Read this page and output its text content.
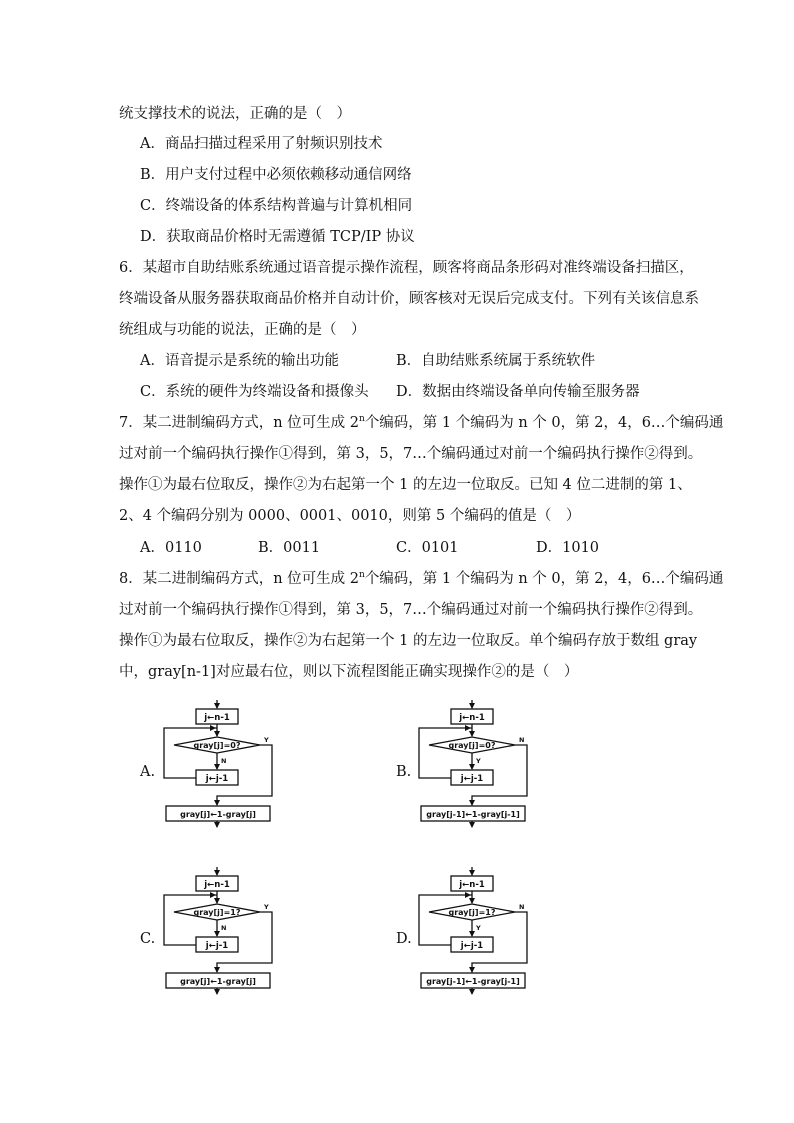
统支撑技术的说法，正确的是（　）
A．商品扫描过程采用了射频识别技术
B．用户支付过程中必须依赖移动通信网络
C．终端设备的体系结构普遍与计算机相同
D．获取商品价格时无需遵循 TCP/IP 协议
6．某超市自助结账系统通过语音提示操作流程，顾客将商品条形码对准终端设备扫描区，
终端设备从服务器获取商品价格并自动计价，顾客核对无误后完成支付。下列有关该信息系
统组成与功能的说法，正确的是（　）
A．语音提示是系统的输出功能	B．自助结账系统属于系统软件
C．系统的硬件为终端设备和摄像头 D．数据由终端设备单向传输至服务器
7．某二进制编码方式，n 位可生成 2$^n$个编码，第 1 个编码为 n 个 0，第 2，4，6…个编码通
过对前一个编码执行操作①得到，第 3，5，7…个编码通过对前一个编码执行操作②得到。
操作①为最右位取反，操作②为右起第一个 1 的左边一位取反。已知 4 位二进制的第 1、
2、4 个编码分别为 0000、0001、0010，则第 5 个编码的值是（　）
A．0110	B．0011	C．0101	D．1010
8．某二进制编码方式，n 位可生成 2$^n$个编码，第 1 个编码为 n 个 0，第 2，4，6…个编码通
过对前一个编码执行操作①得到，第 3，5，7…个编码通过对前一个编码执行操作②得到。
操作①为最右位取反，操作②为右起第一个 1 的左边一位取反。单个编码存放于数组 gray
中，gray[n-1]对应最右位，则以下流程图能正确实现操作②的是（　）
A.	B.
C.	D.
j←n-1
gray[j]=0?
N
j←j-1
Y
gray[j]←1-gray[j]
j←n-1
gray[j]=0?
Y
j←j-1
N
gray[j-1]←1-gray[j-1]
j←n-1
gray[j]=1?
N
j←j-1
Y
gray[j]←1-gray[j]
j←n-1
gray[j]=1?
Y
j←j-1
N
gray[j-1]←1-gray[j-1]
